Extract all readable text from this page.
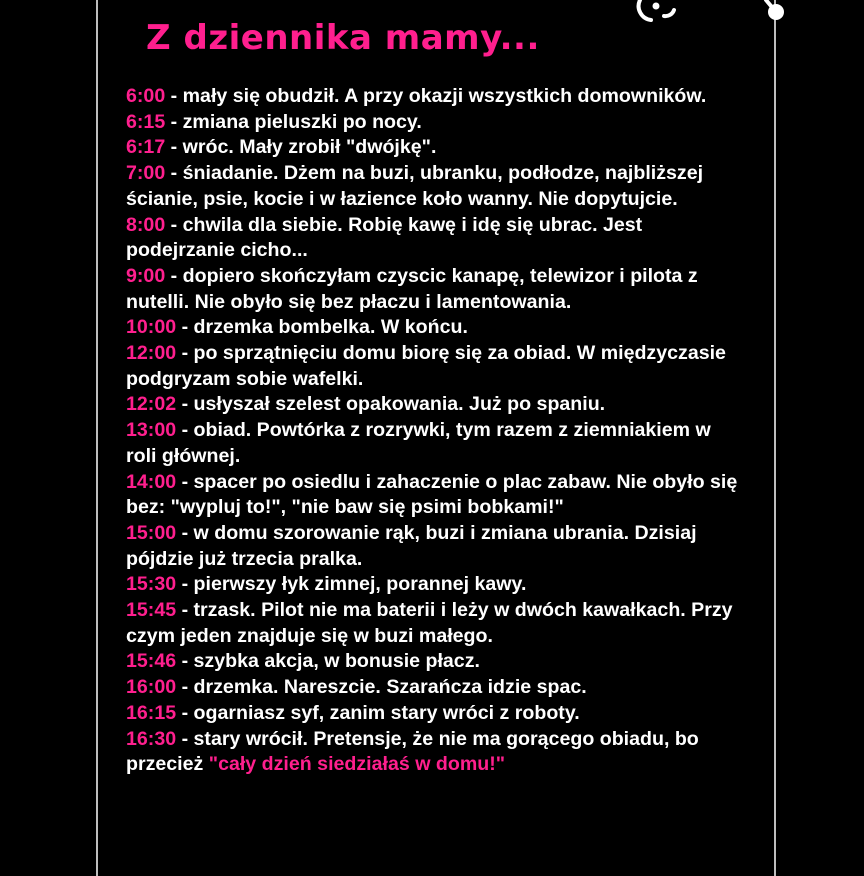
Z dziennika mamy...

6:00 - mały się obudził. A przy okazji wszystkich domowników.

6:15 - zmiana pieluszki po nocy.

6:17 - wróc. Mały zrobił "dwójkę".

7:00 - śniadanie. Dżem na buzi, ubranku, podłodze, najbliższej ścianie, psie, kocie i w łazience koło wanny. Nie dopytujcie.

8:00 - chwila dla siebie. Robię kawę i idę się ubrac. Jest podejrzanie cicho...

9:00 - dopiero skończyłam czyscic kanapę, telewizor i pilota z nutelli. Nie obyło się bez płaczu i lamentowania.

10:00 - drzemka bombelka. W końcu.

12:00 - po sprzątnięciu domu biorę się za obiad. W międzyczasie podgryzam sobie wafelki.

12:02 - usłyszał szelest opakowania. Już po spaniu.

13:00 - obiad. Powtórka z rozrywki, tym razem z ziemniakiem w roli głównej.

14:00 - spacer po osiedlu i zahaczenie o plac zabaw. Nie obyło się bez: "wypluj to!", "nie baw się psimi bobkami!"

15:00 - w domu szorowanie rąk, buzi i zmiana ubrania. Dzisiaj pójdzie już trzecia pralka.

15:30 - pierwszy łyk zimnej, porannej kawy.

15:45 - trzask. Pilot nie ma baterii i leży w dwóch kawałkach. Przy czym jeden znajduje się w buzi małego.

15:46 - szybka akcja, w bonusie płacz.

16:00 - drzemka. Nareszcie. Szarańcza idzie spac.

16:15 - ogarniasz syf, zanim stary wróci z roboty.

16:30 - stary wrócił. Pretensje, że nie ma gorącego obiadu, bo przecież "cały dzień siedziałaś w domu!"
